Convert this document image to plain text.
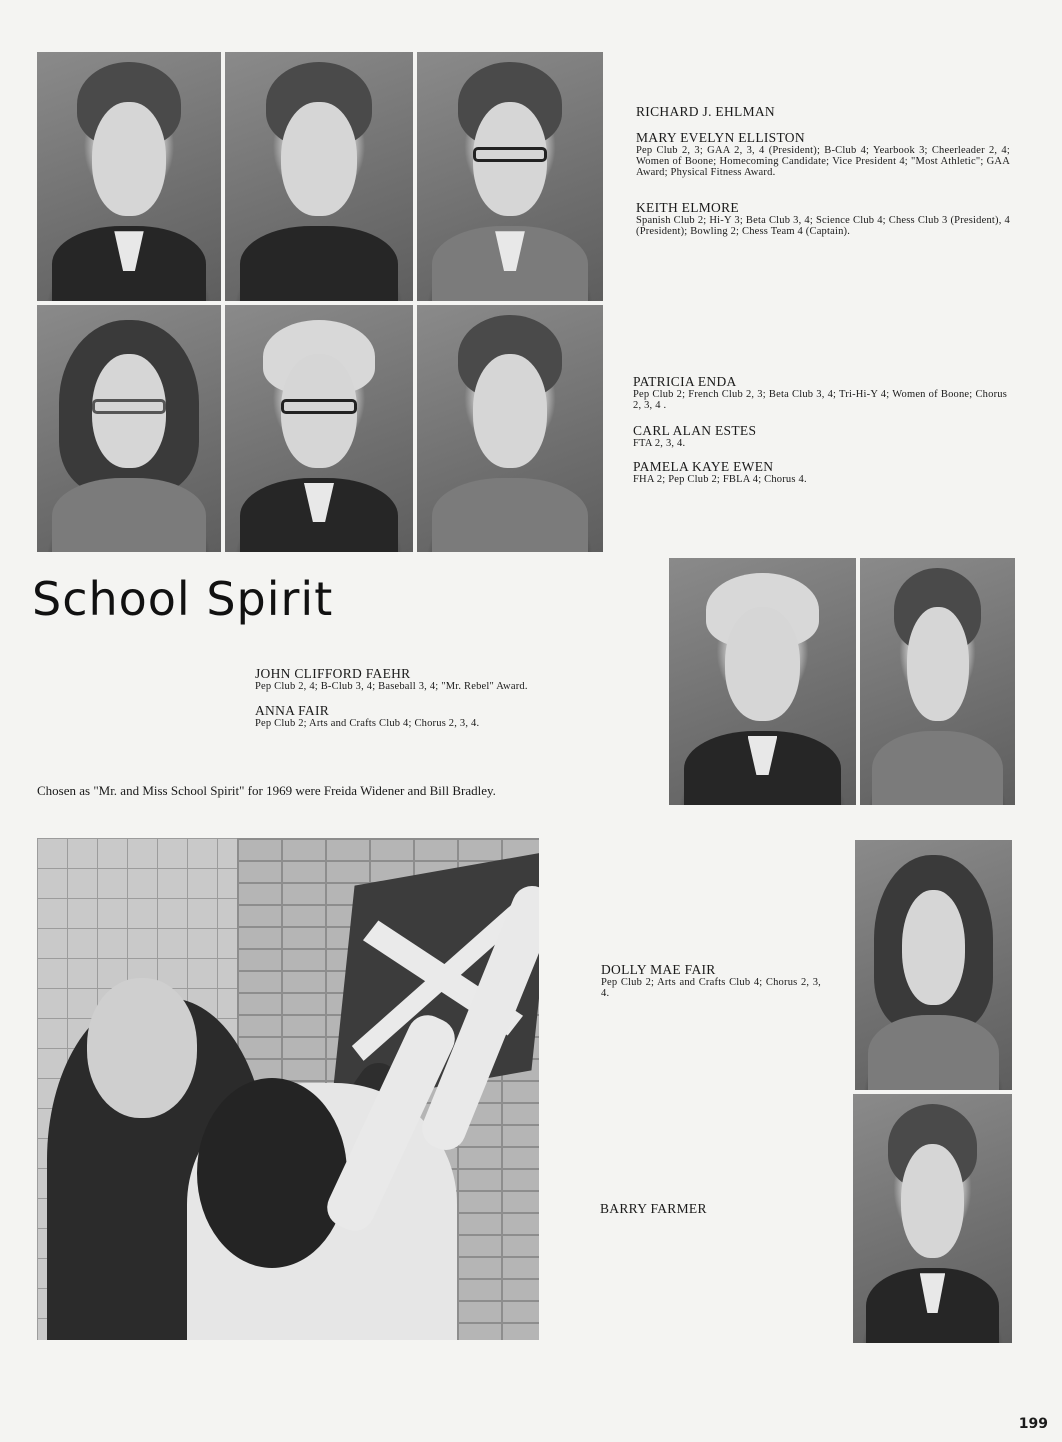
RICHARD J. EHLMAN
MARY EVELYN ELLISTON
Pep Club 2, 3; GAA 2, 3, 4 (President); B-Club 4; Yearbook 3; Cheerleader 2, 4; Women of Boone; Homecoming Candidate; Vice President 4; "Most Athletic"; GAA Award; Physical Fitness Award.
KEITH ELMORE
Spanish Club 2; Hi-Y 3; Beta Club 3, 4; Science Club 4; Chess Club 3 (President), 4 (President); Bowling 2; Chess Team 4 (Captain).
PATRICIA ENDA
Pep Club 2; French Club 2, 3; Beta Club 3, 4; Tri-Hi-Y 4; Women of Boone; Chorus 2, 3, 4 .
CARL ALAN ESTES
FTA 2, 3, 4.
PAMELA KAYE EWEN
FHA 2; Pep Club 2; FBLA 4; Chorus 4.
School Spirit
JOHN CLIFFORD FAEHR
Pep Club 2, 4; B-Club 3, 4; Baseball 3, 4; "Mr. Rebel" Award.
ANNA FAIR
Pep Club 2; Arts and Crafts Club 4; Chorus 2, 3, 4.

Chosen as "Mr. and Miss School Spirit" for 1969 were Freida Widener and Bill Bradley.

DOLLY MAE FAIR
Pep Club 2; Arts and Crafts Club 4; Chorus 2, 3, 4.
BARRY FARMER
199
